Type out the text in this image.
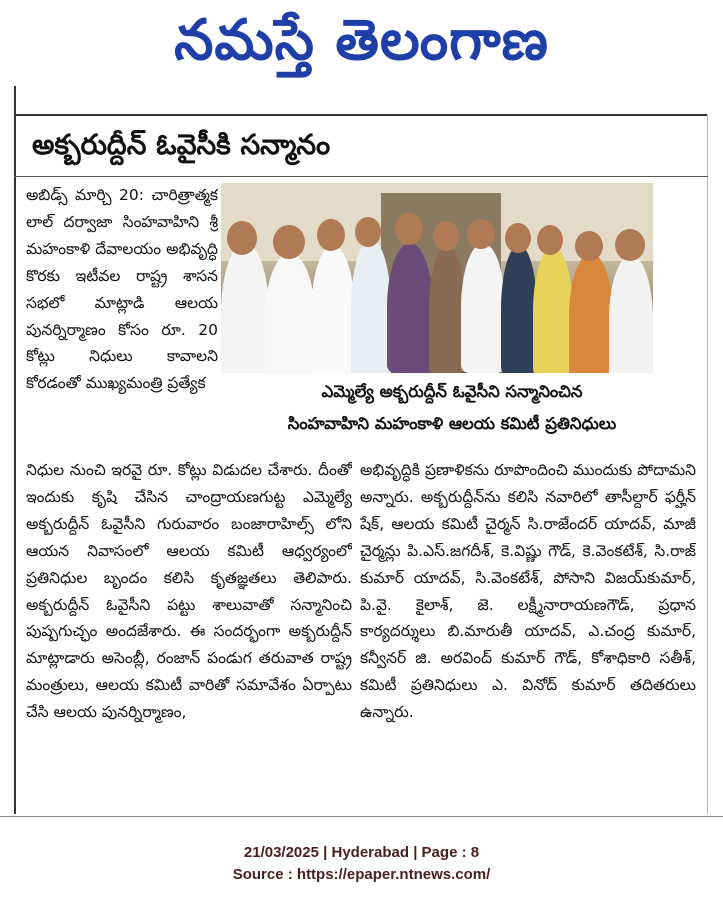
నమస్తే తెలంగాణ
అక్బరుద్దీన్ ఓవైసీకి సన్మానం
అబిడ్స్ మార్చి 20: చారిత్రాత్మక లాల్ దర్వాజా సింహవాహిని శ్రీ మహంకాళి దేవాలయం అభివృద్ధి కొరకు ఇటీవల రాష్ట్ర శాసన సభలో మాట్లాడి ఆలయ పునర్నిర్మాణం కోసం రూ. 20 కోట్లు నిధులు కావాలని కోరడంతో ముఖ్యమంత్రి ప్రత్యేక	ఎమ్మెల్యే అక్బరుద్దీన్ ఓవైసీని సన్మానించిన
సింహవాహిని మహంకాళి ఆలయ కమిటీ ప్రతినిధులు
నిధుల నుంచి ఇరవై రూ. కోట్లు విడుదల చేశారు. దీంతో ఇందుకు కృషి చేసిన చాంద్రాయణగుట్ట ఎమ్మెల్యే అక్బరుద్దీన్ ఓవైసీని గురువారం బంజారాహిల్స్ లోని ఆయన నివాసంలో ఆలయ కమిటీ ఆధ్వర్యంలో ప్రతినిధుల బృందం కలిసి కృతజ్ఞతలు తెలిపారు. అక్బరుద్దీన్ ఓవైసీని పట్టు శాలువాతో సన్మానించి పుష్పగుచ్ఛం అందజేశారు. ఈ సందర్భంగా అక్బరుద్దీన్ మాట్లాడారు అసెంబ్లీ, రంజాన్ పండుగ తరువాత రాష్ట్ర మంత్రులు, ఆలయ కమిటీ వారితో సమావేశం ఏర్పాటు చేసి ఆలయ పునర్నిర్మాణం,
అభివృద్ధికి ప్రణాళికను రూపొందించి ముందుకు పోదామని అన్నారు. అక్బరుద్దీన్‌ను కలిసి నవారిలో తాసీల్దార్ ఫర్హీన్ షేక్, ఆలయ కమిటీ చైర్మన్ సి.రాజేందర్ యాదవ్, మాజీ చైర్మన్లు పి.ఎస్.జగదీశ్, కె.విష్ణు గౌడ్, కె.వెంకటేశ్, సి.రాజ్ కుమార్ యాదవ్, సి.వెంకటేశ్, పోసాని విజయ్‌కుమార్, పి.వై. కైలాశ్, జె. లక్ష్మీనారాయణగౌడ్, ప్రధాన కార్యదర్శులు బి.మారుతీ యాదవ్, ఎ.చంద్ర కుమార్, కన్వీనర్ జి. అరవింద్ కుమార్ గౌడ్, కోశాధికారి సతీశ్, కమిటీ ప్రతినిధులు ఎ. వినోద్ కుమార్ తదితరులు ఉన్నారు.
21/03/2025 | Hyderabad | Page : 8
Source : https://epaper.ntnews.com/
